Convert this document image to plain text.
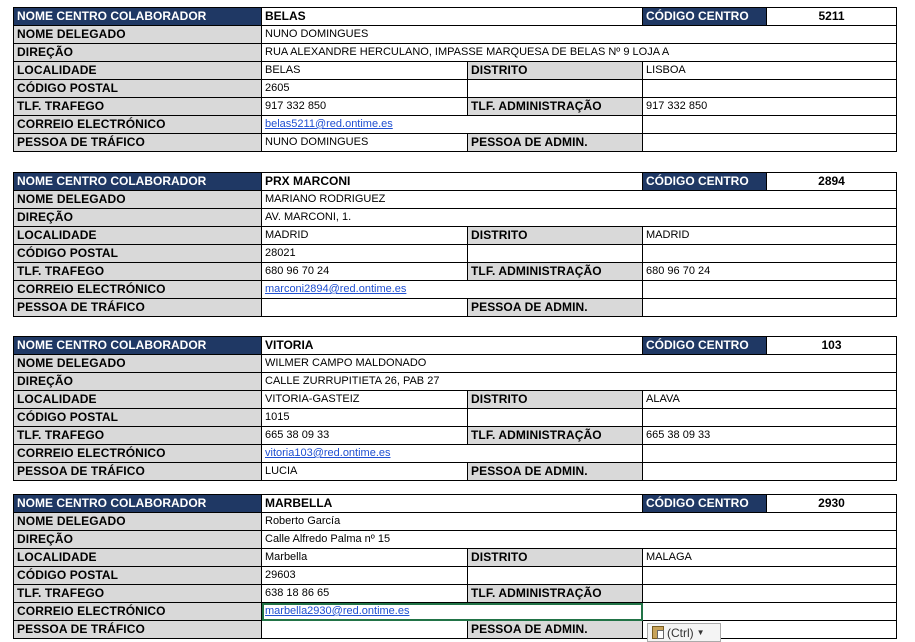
NOME CENTRO COLABORADOR	BELAS		CÓDIGO CENTRO	5211
NOME DELEGADO	NUNO DOMINGUES			
DIREÇÃO	RUA ALEXANDRE HERCULANO, IMPASSE MARQUESA DE BELAS Nº 9 LOJA A			
LOCALIDADE	BELAS	DISTRITO	LISBOA	
CÓDIGO POSTAL	2605			
TLF. TRAFEGO	917 332 850	TLF. ADMINISTRAÇÃO	917 332 850	
CORREIO ELECTRÓNICO	belas5211@red.ontime.es			
PESSOA DE TRÁFICO	NUNO DOMINGUES	PESSOA DE ADMIN.		
NOME CENTRO COLABORADOR	PRX MARCONI		CÓDIGO CENTRO	2894
NOME DELEGADO	MARIANO RODRIGUEZ			
DIREÇÃO	AV. MARCONI, 1.			
LOCALIDADE	MADRID	DISTRITO	MADRID	
CÓDIGO POSTAL	28021			
TLF. TRAFEGO	680 96 70 24	TLF. ADMINISTRAÇÃO	680 96 70 24	
CORREIO ELECTRÓNICO	marconi2894@red.ontime.es			
PESSOA DE TRÁFICO		PESSOA DE ADMIN.		
NOME CENTRO COLABORADOR	VITORIA		CÓDIGO CENTRO	103
NOME DELEGADO	WILMER CAMPO MALDONADO			
DIREÇÃO	CALLE ZURRUPITIETA 26, PAB 27			
LOCALIDADE	VITORIA-GASTEIZ	DISTRITO	ALAVA	
CÓDIGO POSTAL	1015			
TLF. TRAFEGO	665 38 09 33	TLF. ADMINISTRAÇÃO	665 38 09 33	
CORREIO ELECTRÓNICO	vitoria103@red.ontime.es			
PESSOA DE TRÁFICO	LUCIA	PESSOA DE ADMIN.		
NOME CENTRO COLABORADOR	MARBELLA		CÓDIGO CENTRO	2930
NOME DELEGADO	Roberto García			
DIREÇÃO	Calle Alfredo Palma nº 15			
LOCALIDADE	Marbella	DISTRITO	MALAGA	
CÓDIGO POSTAL	29603			
TLF. TRAFEGO	638 18 86 65	TLF. ADMINISTRAÇÃO		
CORREIO ELECTRÓNICO	marbella2930@red.ontime.es			
PESSOA DE TRÁFICO		PESSOA DE ADMIN.			(Ctrl) ▼
